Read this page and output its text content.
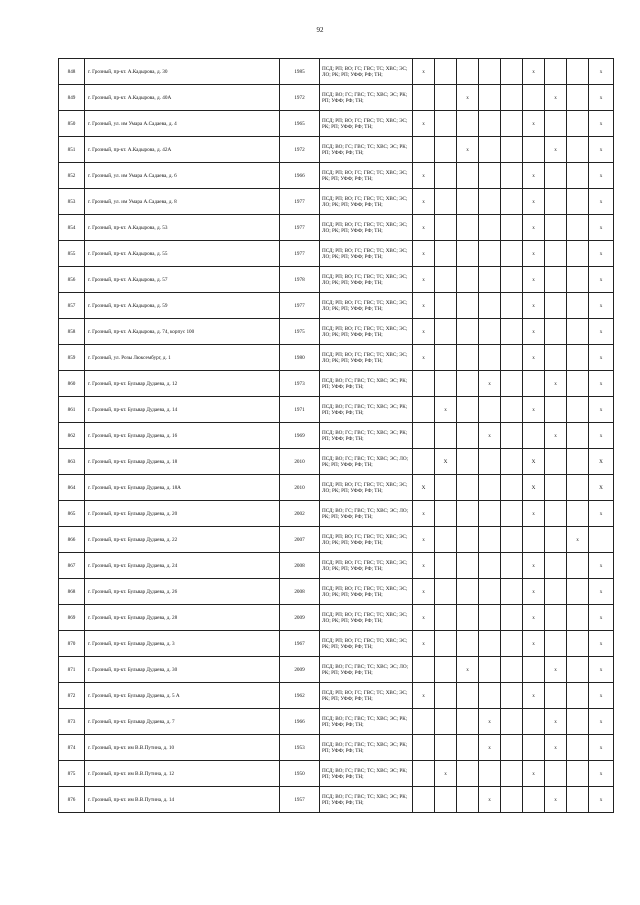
92
848	г. Грозный, пр-кт. А.Кадырова, д. 30	1985	ПСД; РП; ВО; ГС; ГВС; ТС; ХВС; ЭС; ЛО; РК; РП; УФФ; РФ; ТН;	x					x			x
849	г. Грозный, пр-кт. А.Кадырова, д. 40А	1972	ПСД; ВО; ГС; ГВС; ТС; ХВС; ЭС; РК; РП; УФФ; РФ; ТН;			x				x		x
850	г. Грозный, ул. им Умара А.Садаева, д. 4	1965	ПСД; РП; ВО; ГС; ГВС; ТС; ХВС; ЭС; РК; РП; УФФ; РФ; ТН;	x					x			x
851	г. Грозный, пр-кт. А.Кадырова, д. 42А	1972	ПСД; ВО; ГС; ГВС; ТС; ХВС; ЭС; РК; РП; УФФ; РФ; ТН;			x				x		x
852	г. Грозный, ул. им Умара А.Садаева, д. 6	1966	ПСД; РП; ВО; ГС; ГВС; ТС; ХВС; ЭС; РК; РП; УФФ; РФ; ТН;	x					x			x
853	г. Грозный, ул. им Умара А.Садаева, д. 8	1977	ПСД; РП; ВО; ГС; ГВС; ТС; ХВС; ЭС; ЛО; РК; РП; УФФ; РФ; ТН;	x					x			x
854	г. Грозный, пр-кт. А.Кадырова, д. 53	1977	ПСД; РП; ВО; ГС; ГВС; ТС; ХВС; ЭС; ЛО; РК; РП; УФФ; РФ; ТН;	x					x			x
855	г. Грозный, пр-кт. А.Кадырова, д. 55	1977	ПСД; РП; ВО; ГС; ГВС; ТС; ХВС; ЭС; ЛО; РК; РП; УФФ; РФ; ТН;	x					x			x
856	г. Грозный, пр-кт. А.Кадырова, д. 57	1978	ПСД; РП; ВО; ГС; ГВС; ТС; ХВС; ЭС; ЛО; РК; РП; УФФ; РФ; ТН;	x					x			x
857	г. Грозный, пр-кт. А.Кадырова, д. 59	1977	ПСД; РП; ВО; ГС; ГВС; ТС; ХВС; ЭС; ЛО; РК; РП; УФФ; РФ; ТН;	x					x			x
858	г. Грозный, пр-кт. А.Кадырова, д. 74, корпус 100	1975	ПСД; РП; ВО; ГС; ГВС; ТС; ХВС; ЭС; ЛО; РК; РП; УФФ; РФ; ТН;	x					x			x
859	г. Грозный, ул. Розы Люксембург, д. 1	1980	ПСД; РП; ВО; ГС; ГВС; ТС; ХВС; ЭС; ЛО; РК; РП; УФФ; РФ; ТН;	x					x			x
860	г. Грозный, пр-кт. Бульвар Дудаева, д. 12	1973	ПСД; ВО; ГС; ГВС; ТС; ХВС; ЭС; РК; РП; УФФ; РФ; ТН;				x			x		x
861	г. Грозный, пр-кт. Бульвар Дудаева, д. 14	1971	ПСД; ВО; ГС; ГВС; ТС; ХВС; ЭС; РК; РП; УФФ; РФ; ТН;		x				x			x
862	г. Грозный, пр-кт. Бульвар Дудаева, д. 16	1969	ПСД; ВО; ГС; ГВС; ТС; ХВС; ЭС; РК; РП; УФФ; РФ; ТН;				x			x		x
863	г. Грозный, пр-кт. Бульвар Дудаева, д. 18	2010	ПСД; ВО; ГС; ГВС; ТС; ХВС; ЭС; ЛО; РК; РП; УФФ; РФ; ТН;		X				X			X
864	г. Грозный, пр-кт. Бульвар Дудаева, д. 18А	2010	ПСД; РП; ВО; ГС; ГВС; ТС; ХВС; ЭС; ЛО; РК; РП; УФФ; РФ; ТН;	X					X			X
865	г. Грозный, пр-кт. Бульвар Дудаева, д. 20	2002	ПСД; ВО; ГС; ГВС; ТС; ХВС; ЭС; ЛО; РК; РП; УФФ; РФ; ТН;	x					x			x
866	г. Грозный, пр-кт. Бульвар Дудаева, д. 22	2007	ПСД; РП; ВО; ГС; ГВС; ТС; ХВС; ЭС; ЛО; РК; РП; УФФ; РФ; ТН;	x							x	
867	г. Грозный, пр-кт. Бульвар Дудаева, д. 24	2008	ПСД; РП; ВО; ГС; ГВС; ТС; ХВС; ЭС; ЛО; РК; РП; УФФ; РФ; ТН;	x					x			x
868	г. Грозный, пр-кт. Бульвар Дудаева, д. 26	2008	ПСД; РП; ВО; ГС; ГВС; ТС; ХВС; ЭС; ЛО; РК; РП; УФФ; РФ; ТН;	x					x			x
869	г. Грозный, пр-кт. Бульвар Дудаева, д. 28	2009	ПСД; РП; ВО; ГС; ГВС; ТС; ХВС; ЭС; ЛО; РК; РП; УФФ; РФ; ТН;	x					x			x
870	г. Грозный, пр-кт. Бульвар Дудаева, д. 3	1967	ПСД; РП; ВО; ГС; ГВС; ТС; ХВС; ЭС; РК; РП; УФФ; РФ; ТН;	x					x			x
871	г. Грозный, пр-кт. Бульвар Дудаева, д. 30	2009	ПСД; ВО; ГС; ГВС; ТС; ХВС; ЭС; ЛО; РК; РП; УФФ; РФ; ТН;			x				x		x
872	г. Грозный, пр-кт. Бульвар Дудаева, д. 5 А	1962	ПСД; РП; ВО; ГС; ГВС; ТС; ХВС; ЭС; РК; РП; УФФ; РФ; ТН;	x					x			x
873	г. Грозный, пр-кт. Бульвар Дудаева, д. 7	1966	ПСД; ВО; ГС; ГВС; ТС; ХВС; ЭС; РК; РП; УФФ; РФ; ТН;				x			x		x
874	г. Грозный, пр-кт. им В.В.Путина, д. 10	1953	ПСД; ВО; ГС; ГВС; ТС; ХВС; ЭС; РК; РП; УФФ; РФ; ТН;				x			x		x
875	г. Грозный, пр-кт. им В.В.Путина, д. 12	1950	ПСД; ВО; ГС; ГВС; ТС; ХВС; ЭС; РК; РП; УФФ; РФ; ТН;		x				x			x
876	г. Грозный, пр-кт. им В.В.Путина, д. 14	1957	ПСД; ВО; ГС; ГВС; ТС; ХВС; ЭС; РК; РП; УФФ; РФ; ТН;				x			x		x
